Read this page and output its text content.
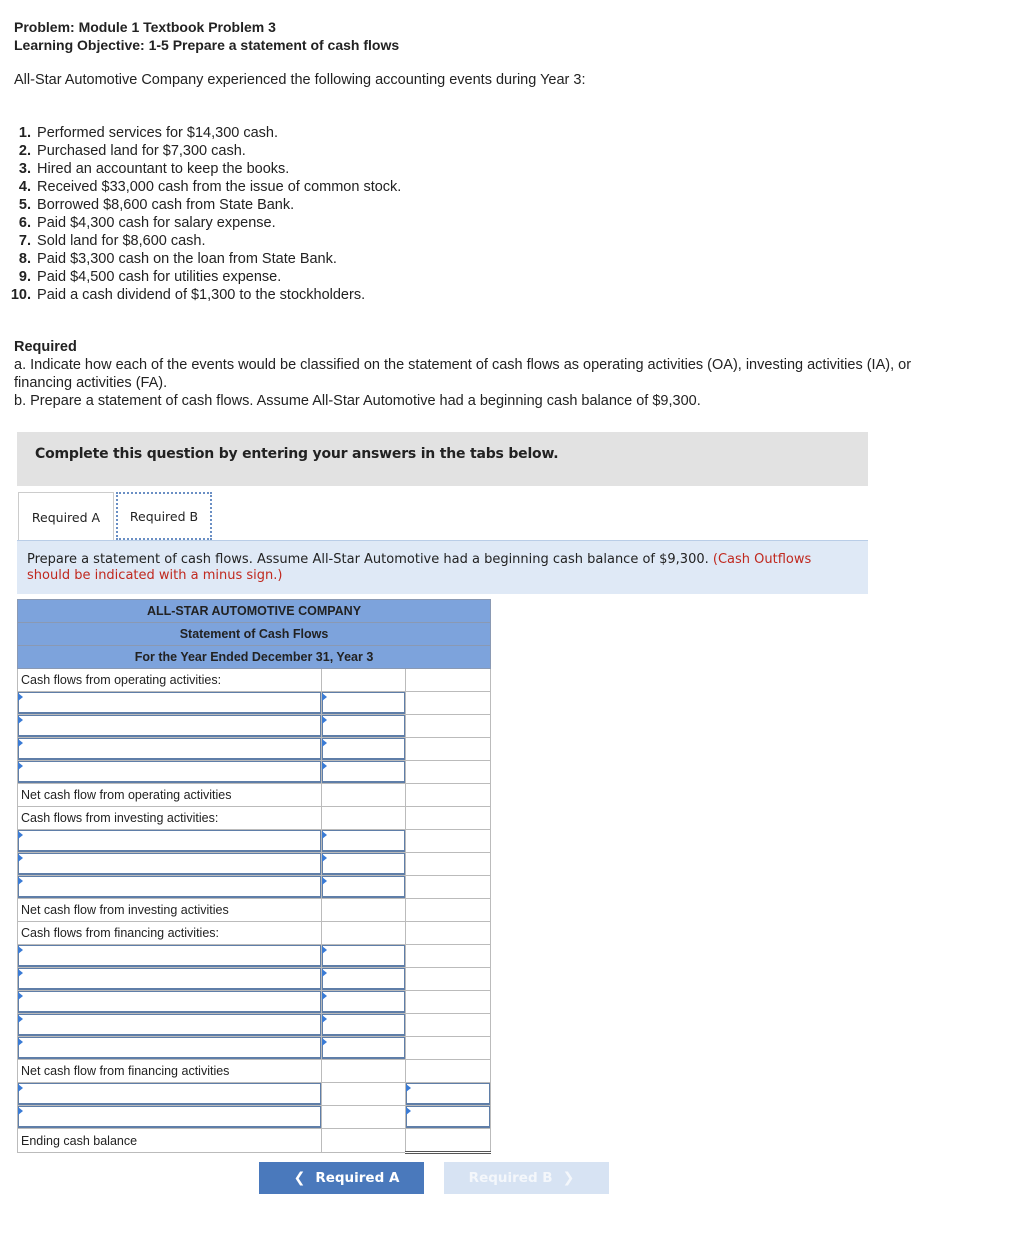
Problem: Module 1 Textbook Problem 3
Learning Objective: 1-5 Prepare a statement of cash flows
All-Star Automotive Company experienced the following accounting events during Year 3:
1.
Performed services for $14,300 cash.
2.
Purchased land for $7,300 cash.
3.
Hired an accountant to keep the books.
4.
Received $33,000 cash from the issue of common stock.
5.
Borrowed $8,600 cash from State Bank.
6.
Paid $4,300 cash for salary expense.
7.
Sold land for $8,600 cash.
8.
Paid $3,300 cash on the loan from State Bank.
9.
Paid $4,500 cash for utilities expense.
10.
Paid a cash dividend of $1,300 to the stockholders.
Required
a. Indicate how each of the events would be classified on the statement of cash flows as operating activities (OA), investing activities (IA), or financing activities (FA).
b. Prepare a statement of cash flows. Assume All-Star Automotive had a beginning cash balance of $9,300.
Complete this question by entering your answers in the tabs below.
Required A	Required B

Prepare a statement of cash flows. Assume All-Star Automotive had a beginning cash balance of $9,300. (Cash Outflows should be indicated with a minus sign.)

ALL-STAR AUTOMOTIVE COMPANY		
Statement of Cash Flows		
For the Year Ended December 31, Year 3		
Cash flows from operating activities:		

Net cash flow from operating activities		
Cash flows from investing activities:		

Net cash flow from investing activities		
Cash flows from financing activities:		

Net cash flow from financing activities		

Ending cash balance		
❮ Required A	Required B ❯
